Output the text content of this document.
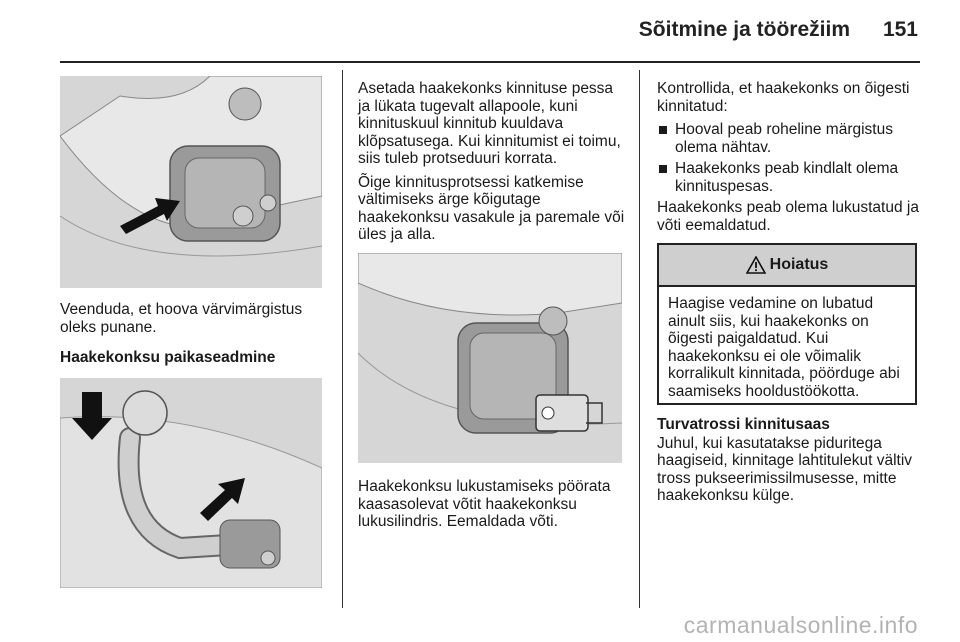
Sõitmine ja töörežiim	151

Veenduda, et hoova värvimärgistus oleks punane.

Haakekonksu paikaseadmine

Asetada haakekonks kinnituse pessa ja lükata tugevalt allapoole, kuni kinnituskuul kinnitub kuuldava klõpsatusega. Kui kinnitumist ei toimu, siis tuleb protseduuri korrata.

Õige kinnitusprotsessi katkemise vältimiseks ärge kõigutage haakekonksu vasakule ja paremale või üles ja alla.

Haakekonksu lukustamiseks pöörata kaasasolevat võtit haakekonksu lukusilindris. Eemaldada võti.

Kontrollida, et haakekonks on õigesti kinnitatud:

Hooval peab roheline märgistus olema nähtav.
Haakekonks peab kindlalt olema kinnituspesas.

Haakekonks peab olema lukustatud ja võti eemaldatud.

Hoiatus
Haagise vedamine on lubatud ainult siis, kui haakekonks on õigesti paigaldatud. Kui haakekonksu ei ole võimalik korralikult kinnitada, pöörduge abi saamiseks hooldustöökotta.
Turvatrossi kinnitusaas

Juhul, kui kasutatakse piduritega haagiseid, kinnitage lahtitulekut vältiv tross pukseerimissilmusesse, mitte haakekonksu külge.

carmanualsonline.info
